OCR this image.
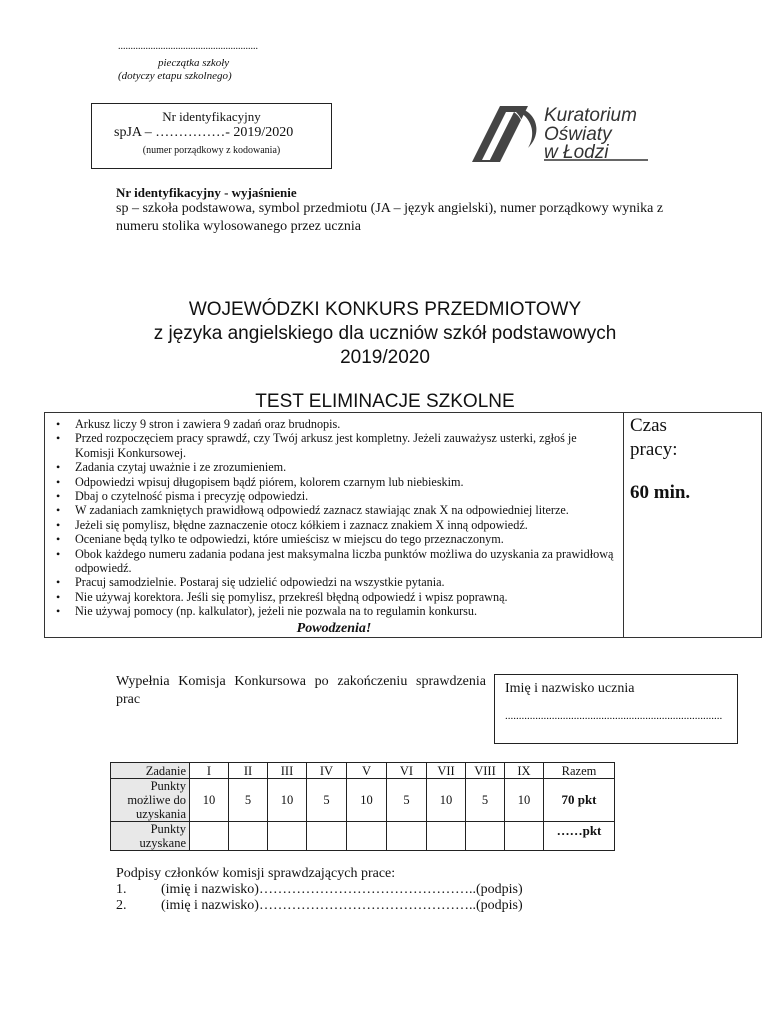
........................................................
pieczątka szkoły
(dotyczy etapu szkolnego)
Nr identyfikacyjny
spJA – ……………- 2019/2020
(numer porządkowy z kodowania)
Kuratorium
Oświaty
w Łodzi
Nr identyfikacyjny - wyjaśnienie
sp – szkoła podstawowa, symbol przedmiotu (JA – język angielski), numer porządkowy wynika z numeru stolika wylosowanego przez ucznia
WOJEWÓDZKI KONKURS PRZEDMIOTOWY
z języka angielskiego dla uczniów szkół podstawowych
2019/2020
TEST ELIMINACJE SZKOLNE
• Arkusz liczy 9 stron i zawiera 9 zadań oraz brudnopis.
• Przed rozpoczęciem pracy sprawdź, czy Twój arkusz jest kompletny. Jeżeli zauważysz usterki, zgłoś je Komisji Konkursowej.
• Zadania czytaj uważnie i ze zrozumieniem.
• Odpowiedzi wpisuj długopisem bądź piórem, kolorem czarnym lub niebieskim.
• Dbaj o czytelność pisma i precyzję odpowiedzi.
• W zadaniach zamkniętych prawidłową odpowiedź zaznacz stawiając znak X na odpowiedniej literze.
• Jeżeli się pomylisz, błędne zaznaczenie otocz kółkiem i zaznacz znakiem X inną odpowiedź.
• Oceniane będą tylko te odpowiedzi, które umieścisz w miejscu do tego przeznaczonym.
• Obok każdego numeru zadania podana jest maksymalna liczba punktów możliwa do uzyskania za prawidłową odpowiedź.
• Pracuj samodzielnie. Postaraj się udzielić odpowiedzi na wszystkie pytania.
• Nie używaj korektora. Jeśli się pomylisz, przekreśl błędną odpowiedź i wpisz poprawną.
• Nie używaj pomocy (np. kalkulator), jeżeli nie pozwala na to regulamin konkursu.
Powodzenia!
Czas
pracy:
60 min.
Wypełnia Komisja Konkursowa po zakończeniu sprawdzenia prac
Imię i nazwisko ucznia
...............................................................................
Zadanie	I	II	III	IV	V	VI	VII	VIII	IX	Razem
Punkty możliwe do uzyskania	10	5	10	5	10	5	10	5	10	70 pkt
Punkty uzyskane										……pkt
Podpisy członków komisji sprawdzających prace:
1. (imię i nazwisko)………………………………………..(podpis)
2. (imię i nazwisko)………………………………………..(podpis)
